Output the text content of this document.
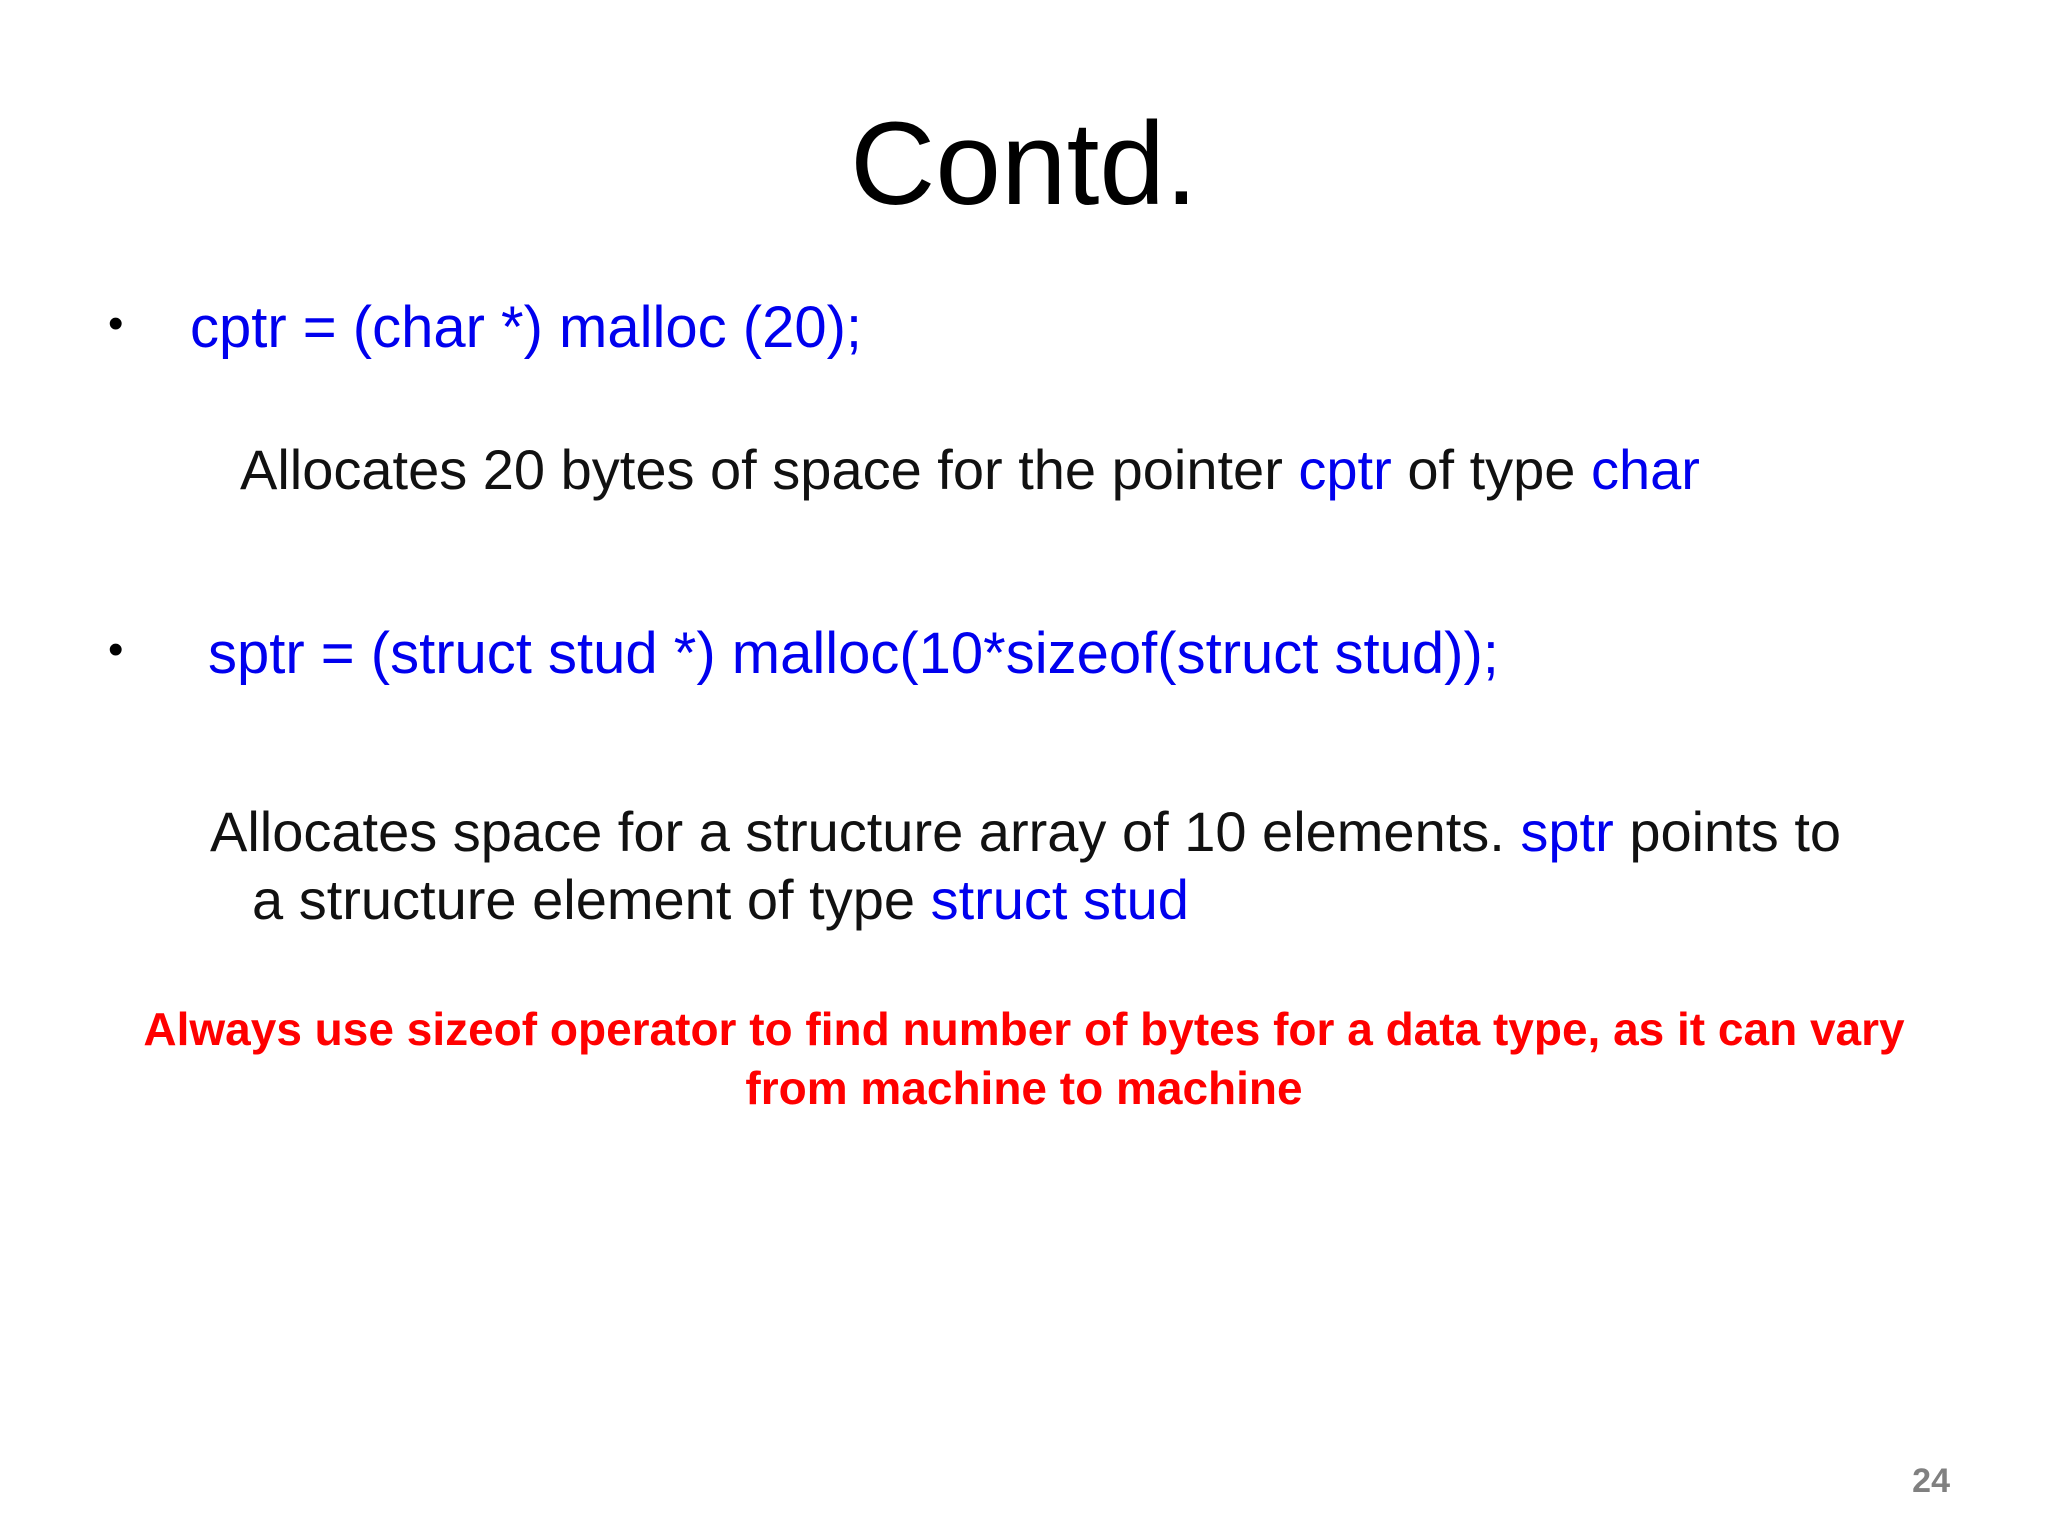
Contd.
• cptr = (char *) malloc (20);
Allocates 20 bytes of space for the pointer cptr of type char
• sptr = (struct stud *) malloc(10*sizeof(struct stud));
Allocates space for a structure array of 10 elements. sptr points to
a structure element of type struct stud
Always use sizeof operator to find number of bytes for a data type, as it can vary
from machine to machine
24
